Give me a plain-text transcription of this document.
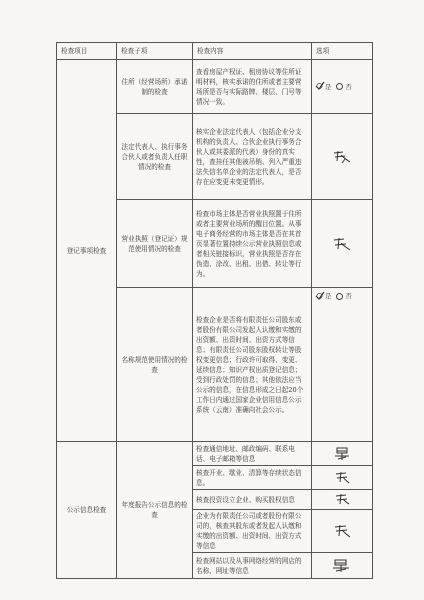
检查项目	检查子项	检查内容	选项
登记事项检查	住所（经营场所）承诺制的检查	查看房屋产权证、租房协议等住所证明材料，核实承诺的住所或者主要营场所是否与实际路牌、楼层、门号等情况一致。	是 否

	法定代表人、执行事务合伙人或者负责人任职情况的检查	核实企业法定代表人（包括企业分支机构的负责人、合伙企业执行事务合伙人或其委派的代表）身份的真实性，查挂任其他被吊销、列入严重违法失信名单企业的法定代表人，是否存在应变更未变更情形。	

	营业执照（登记证）规范使用情况的检查	检查市场主体是否营业执照置于住所或者主要营业场所的醒目位置。从事电子商务经营的市场主体是否在其首页显著位置持续公示营业执照信息或者相关链接标识，营业执照是否存在伪造、涂改、出租、出借、转让等行为。	

	名称规范使用情况的检查	检查企业是否将有限责任公司股东或者股份有限公司发起人认缴和实缴的出资额、出资时间、出资方式等信息；有限责任公司股东股权转让等股权变更信息；行政许可取得、变更、延续信息；知识产权出质登记信息；受到行政处罚的信息；其他依法应当公示的信息，在信息形成之日起20个工作日内通过国家企业信用信息公示系统（云南）准确向社会公示。	是 否

公示信息检查	年度报告公示信息的检查	检查通信地址、邮政编码、联系电话、电子邮箱等信息	

		核查开业、歇业、清算等存续状态信息。	

		核查投资设立企业、购买股权信息	

		企业为有限责任公司或者股份有限公司的，核查其股东或者发起人认缴和实缴的出资额、出资时间、出资方式等信息	

		检查网站以及从事网络经营的网店的名称、网址等信息	
